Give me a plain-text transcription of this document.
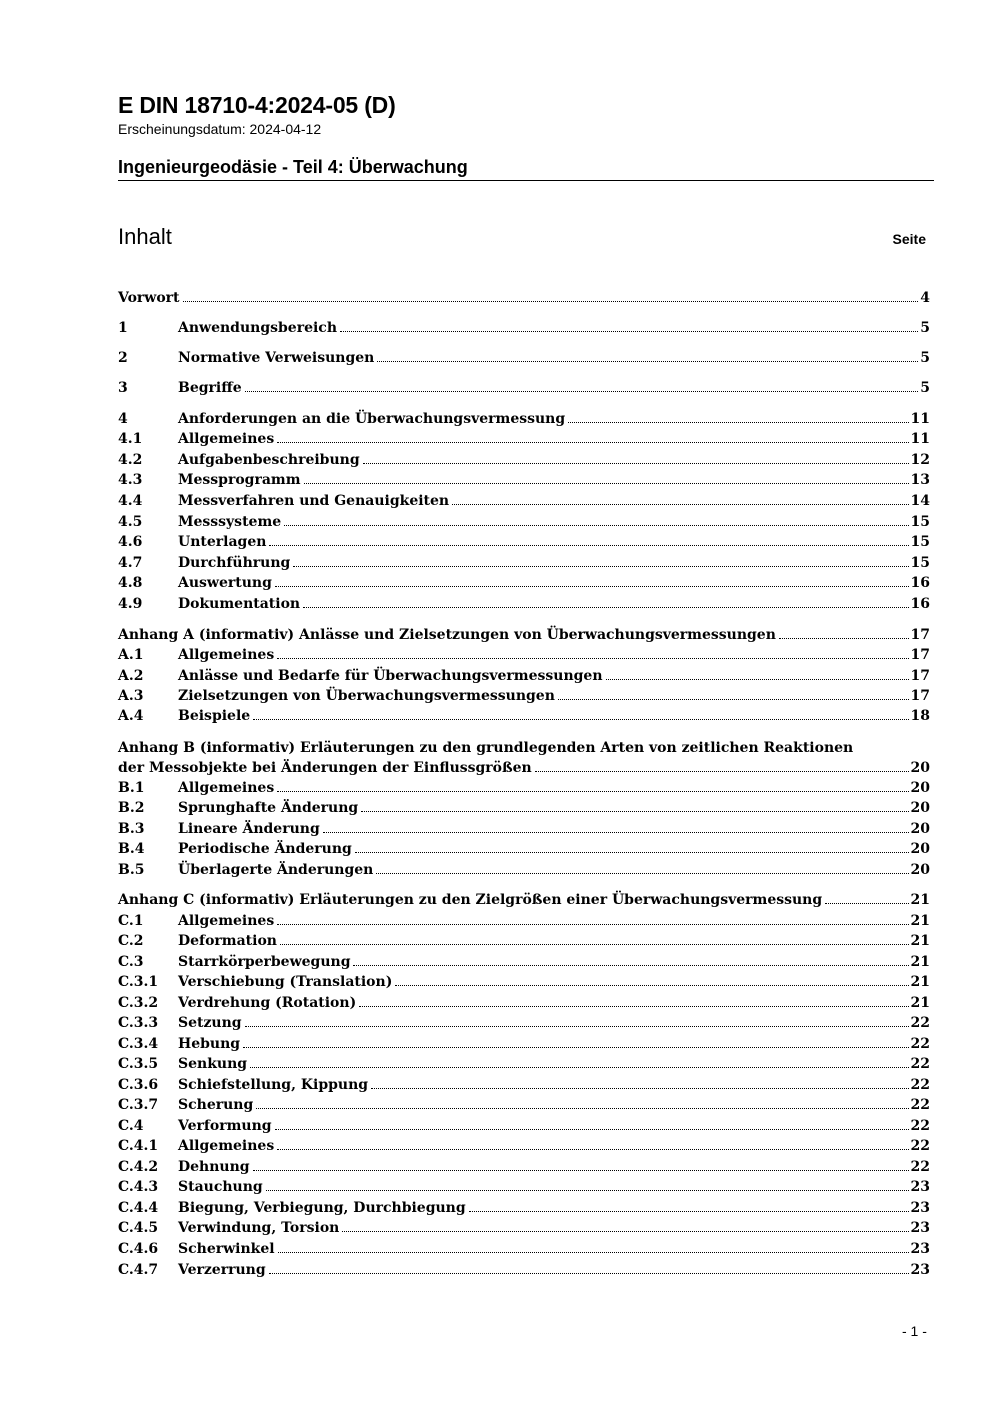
E DIN 18710-4:2024-05 (D)
Erscheinungsdatum: 2024-04-12
Ingenieurgeodäsie - Teil 4: Überwachung
Inhalt	Seite
Vorwort	4
1	Anwendungsbereich	5
2	Normative Verweisungen	5
3	Begriffe	5
4	Anforderungen an die Überwachungsvermessung	11
4.1	Allgemeines	11
4.2	Aufgabenbeschreibung	12
4.3	Messprogramm	13
4.4	Messverfahren und Genauigkeiten	14
4.5	Messsysteme	15
4.6	Unterlagen	15
4.7	Durchführung	15
4.8	Auswertung	16
4.9	Dokumentation	16
Anhang A (informativ) Anlässe und Zielsetzungen von Überwachungsvermessungen	17
A.1 Allgemeines	17
A.2 Anlässe und Bedarfe für Überwachungsvermessungen	17
A.3 Zielsetzungen von Überwachungsvermessungen	17
A.4 Beispiele	18
Anhang B (informativ) Erläuterungen zu den grundlegenden Arten von zeitlichen Reaktionen
der Messobjekte bei Änderungen der Einflussgrößen	20
B.1 Allgemeines	20
B.2 Sprunghafte Änderung	20
B.3 Lineare Änderung	20
B.4 Periodische Änderung	20
B.5 Überlagerte Änderungen	20
Anhang C (informativ) Erläuterungen zu den Zielgrößen einer Überwachungsvermessung	21
C.1 Allgemeines	21
C.2 Deformation	21
C.3 Starrkörperbewegung	21
C.3.1 Verschiebung (Translation)	21
C.3.2 Verdrehung (Rotation)	21
C.3.3 Setzung	22
C.3.4 Hebung	22
C.3.5 Senkung	22
C.3.6 Schiefstellung, Kippung	22
C.3.7 Scherung	22
C.4 Verformung	22
C.4.1 Allgemeines	22
C.4.2 Dehnung	22
C.4.3 Stauchung	23
C.4.4 Biegung, Verbiegung, Durchbiegung	23
C.4.5 Verwindung, Torsion	23
C.4.6 Scherwinkel	23
C.4.7 Verzerrung	23
- 1 -
